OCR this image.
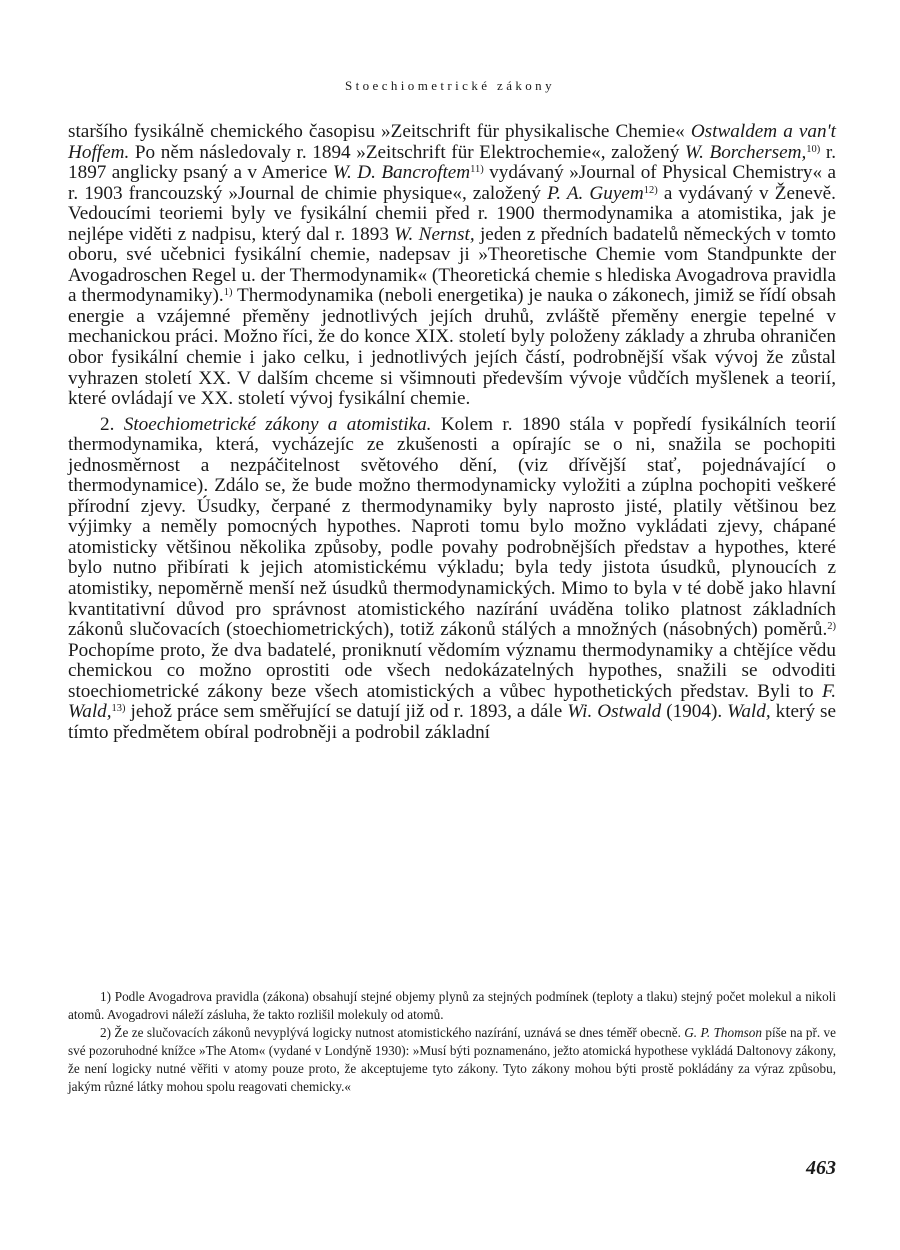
Stoechiometrické zákony

staršího fysikálně chemického časopisu »Zeitschrift für physikalische Chemie« Ostwaldem a van't Hoffem. Po něm následovaly r. 1894 »Zeitschrift für Elektrochemie«, založený W. Borchersem,$^{10)}$ r. 1897 anglicky psaný a v Americe W. D. Bancroftem$^{11)}$ vydávaný »Journal of Physical Chemistry« a r. 1903 francouzský »Journal de chimie physique«, založený P. A. Guyem$^{12)}$ a vydávaný v Ženevě. Vedoucími teoriemi byly ve fysikální chemii před r. 1900 thermodynamika a atomistika, jak je nejlépe viděti z nadpisu, který dal r. 1893 W. Nernst, jeden z předních badatelů německých v tomto oboru, své učebnici fysikální chemie, nadepsav ji »Theoretische Chemie vom Standpunkte der Avogadroschen Regel u. der Thermodynamik« (Theoretická chemie s hlediska Avogadrova pravidla a thermodynamiky).$^{1)}$ Thermodynamika (neboli energetika) je nauka o zákonech, jimiž se řídí obsah energie a vzájemné přeměny jednotlivých jejích druhů, zvláště přeměny energie tepelné v mechanickou práci. Možno říci, že do konce XIX. století byly položeny základy a zhruba ohraničen obor fysikální chemie i jako celku, i jednotlivých jejích částí, podrobnější však vývoj že zůstal vyhrazen století XX. V dalším chceme si všimnouti především vývoje vůdčích myšlenek a teorií, které ovládají ve XX. století vývoj fysikální chemie.

2. Stoechiometrické zákony a atomistika. Kolem r. 1890 stála v popředí fysikálních teorií thermodynamika, která, vycházejíc ze zkušenosti a opírajíc se o ni, snažila se pochopiti jednosměrnost a nezpáčitelnost světového dění, (viz dřívější stať, pojednávající o thermodynamice). Zdálo se, že bude možno thermodynamicky vyložiti a zúplna pochopiti veškeré přírodní zjevy. Úsudky, čerpané z thermodynamiky byly naprosto jisté, platily většinou bez výjimky a neměly pomocných hypothes. Naproti tomu bylo možno vykládati zjevy, chápané atomisticky většinou několika způsoby, podle povahy podrobnějších představ a hypothes, které bylo nutno přibírati k jejich atomistickému výkladu; byla tedy jistota úsudků, plynoucích z atomistiky, nepoměrně menší než úsudků thermodynamických. Mimo to byla v té době jako hlavní kvantitativní důvod pro správnost atomistického nazírání uváděna toliko platnost základních zákonů slučovacích (stoechiometrických), totiž zákonů stálých a množných (násobných) poměrů.$^{2)}$ Pochopíme proto, že dva badatelé, proniknutí vědomím významu thermodynamiky a chtějíce vědu chemickou co možno oprostiti ode všech nedokázatelných hypothes, snažili se odvoditi stoechiometrické zákony beze všech atomistických a vůbec hypothetických představ. Byli to F. Wald,$^{13)}$ jehož práce sem směřující se datují již od r. 1893, a dále Wi. Ostwald (1904). Wald, který se tímto předmětem obíral podrobněji a podrobil základní

1) Podle Avogadrova pravidla (zákona) obsahují stejné objemy plynů za stejných podmínek (teploty a tlaku) stejný počet molekul a nikoli atomů. Avogadrovi náleží zásluha, že takto rozlišil molekuly od atomů.

2) Že ze slučovacích zákonů nevyplývá logicky nutnost atomistického nazírání, uznává se dnes téměř obecně. G. P. Thomson píše na př. ve své pozoruhodné knížce »The Atom« (vydané v Londýně 1930): »Musí býti poznamenáno, ježto atomická hypothese vykládá Daltonovy zákony, že není logicky nutné věřiti v atomy pouze proto, že akceptujeme tyto zákony. Tyto zákony mohou býti prostě pokládány za výraz způsobu, jakým různé látky mohou spolu reagovati chemicky.«

463
